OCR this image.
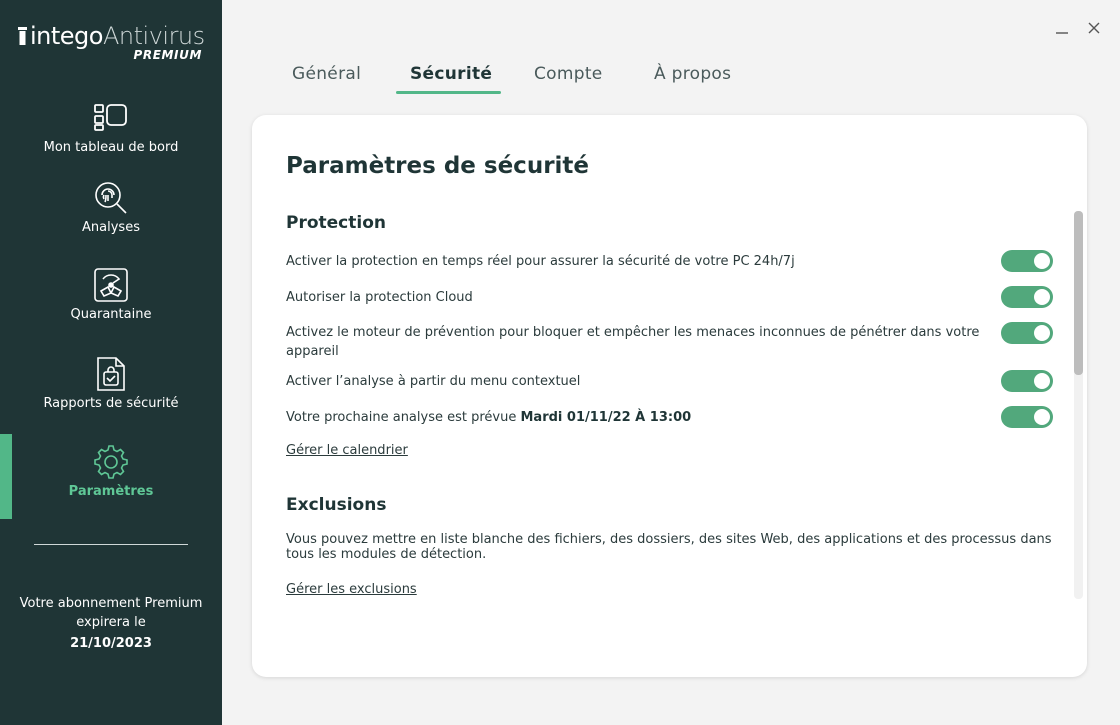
integoAntivirus
PREMIUM
Mon tableau de bord
Analyses
Quarantaine
Rapports de sécurité
Paramètres
Votre abonnement Premium expirera le
21/10/2023
Général	Sécurité Compte	À propos
Paramètres de sécurité
Protection
Activer la protection en temps réel pour assurer la sécurité de votre PC 24h/7j
Autoriser la protection Cloud
Activez le moteur de prévention pour bloquer et empêcher les menaces inconnues de pénétrer dans votre appareil
Activer l’analyse à partir du menu contextuel
Votre prochaine analyse est prévue Mardi 01/11/22 À 13:00
Gérer le calendrier
Exclusions
Vous pouvez mettre en liste blanche des fichiers, des dossiers, des sites Web, des applications et des processus dans tous les modules de détection.
Gérer les exclusions
